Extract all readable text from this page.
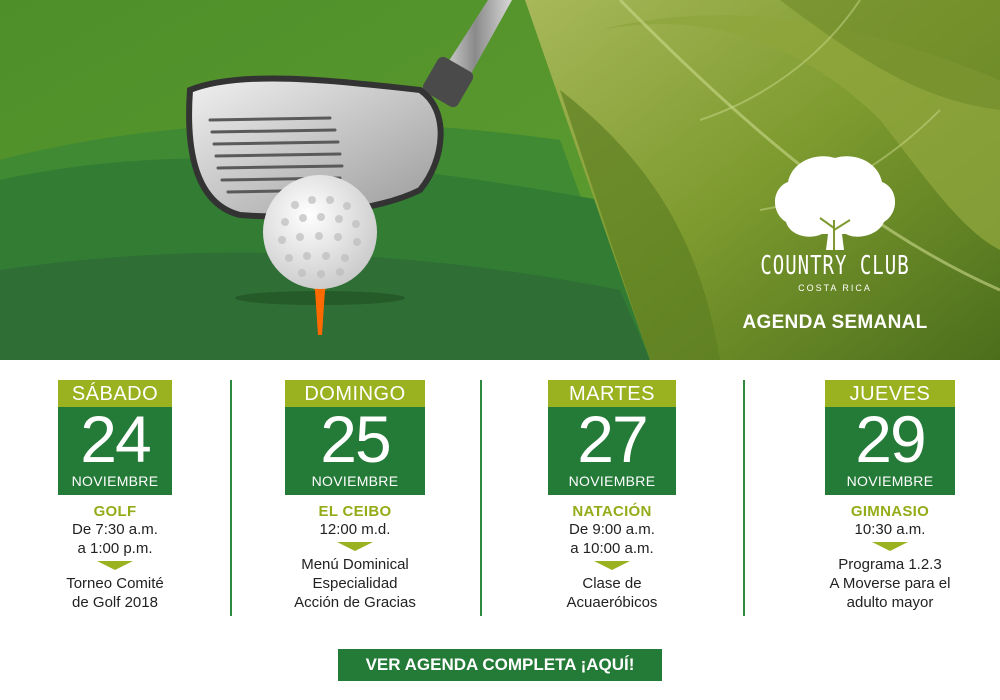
COUNTRY CLUB
COSTA RICA
AGENDA SEMANAL
SÁBADO
24
NOVIEMBRE
GOLF
De 7:30 a.m.
a 1:00 p.m.
Torneo Comité
de Golf 2018
DOMINGO
25
NOVIEMBRE
EL CEIBO
12:00 m.d.
Menú Dominical
Especialidad
Acción de Gracias
MARTES
27
NOVIEMBRE
NATACIÓN
De 9:00 a.m.
a 10:00 a.m.
Clase de
Acuaeróbicos
JUEVES
29
NOVIEMBRE
GIMNASIO
10:30 a.m.
Programa 1.2.3
A Moverse para el
adulto mayor
VER AGENDA COMPLETA ¡AQUÍ!
